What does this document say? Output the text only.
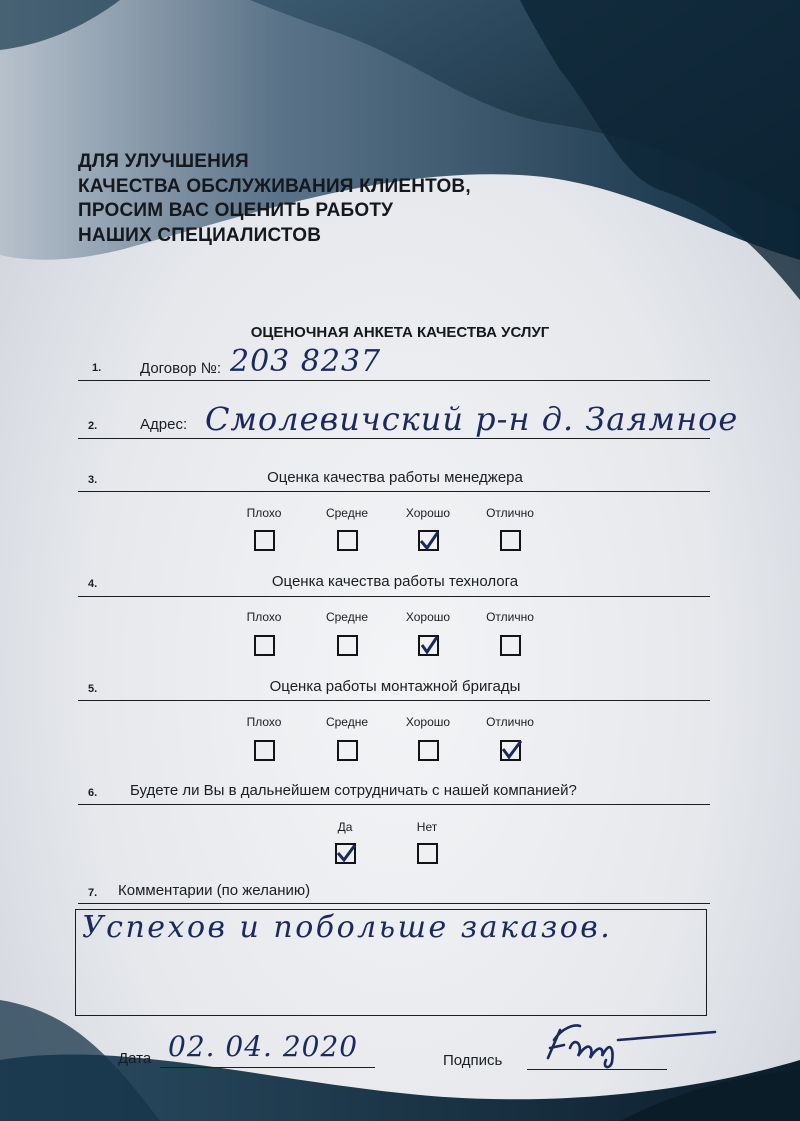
ДЛЯ УЛУЧШЕНИЯ
КАЧЕСТВА ОБСЛУЖИВАНИЯ КЛИЕНТОВ,
ПРОСИМ ВАС ОЦЕНИТЬ РАБОТУ
НАШИХ СПЕЦИАЛИСТОВ
ОЦЕНОЧНАЯ АНКЕТА КАЧЕСТВА УСЛУГ
1.	Договор №: 203 8237
2.	Адрес: Смолевичский р-н д. Заямное
3.	Оценка качества работы менеджера
Плохо	Средне	Хорошо	Отлично
4.	Оценка качества работы технолога
Плохо	Средне	Хорошо	Отлично
5.	Оценка работы монтажной бригады
Плохо	Средне	Хорошо	Отлично
6. Будете ли Вы в дальнейшем сотрудничать с нашей компанией?
Да	Нет
7. Комментарии (по желанию)
Успехов и побольше заказов.
Дата 02. 04. 2020	Подпись
